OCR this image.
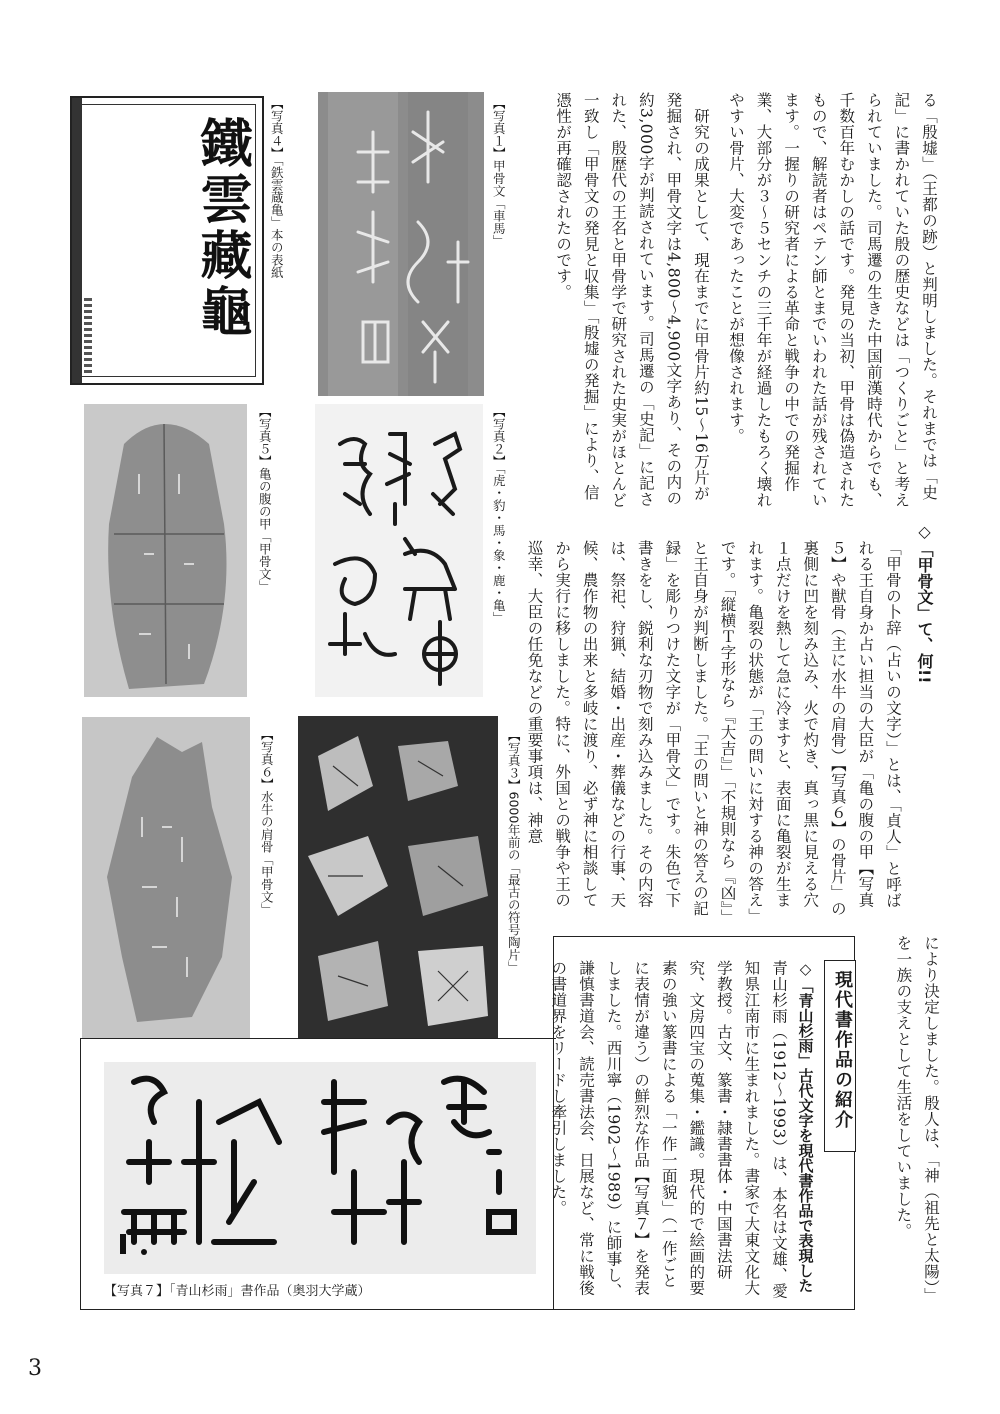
【写真１】甲骨文「車馬」
鐵雲藏龜 【写真４】「鉄雲蔵亀」本の表紙
【写真５】亀の腹の甲「甲骨文」	【写真２】「虎・豹・馬・象・鹿・亀」
【写真６】水牛の肩骨「甲骨文」	【写真３】6000年前の「最古の符号陶片」
る「殷墟」（王都の跡）と判明しました。それまでは「史記」に書かれていた殷の歴史などは「つくりごと」と考えられていました。司馬遷の生きた中国前漢時代からでも、千数百年むかしの話です。発見の当初、甲骨は偽造されたもので、解読者はペテン師とまでいわれた話が残されています。一握りの研究者による革命と戦争の中での発掘作業、大部分が３～５センチの三千年が経過したもろく壊れやすい骨片、大変であったことが想像されます。
研究の成果として、現在までに甲骨片約15～16万片が発掘され、甲骨文字は4,800～4,900文字あり、その内の約3,000字が判読されています。司馬遷の「史記」に記された、殷歴代の王名と甲骨学で研究された史実がほとんど一致し「甲骨文の発見と収集」「殷墟の発掘」により、信憑性が再確認されたのです。
◇「甲骨文」て、何!!
「甲骨の卜辞（占いの文字）」とは、「貞人」と呼ばれる王自身か占い担当の大臣が「亀の腹の甲【写真５】や獣骨（主に水牛の肩骨）【写真６】の骨片」の裏側に凹を刻み込み、火で灼き、真っ黒に見える穴１点だけを熱して急に冷ますと、表面に亀裂が生まれます。亀裂の状態が「王の問いに対する神の答え」です。「縦横Ｔ字形なら『大吉』」「不規則なら『凶』」と王自身が判断しました。「王の問いと神の答えの記録」を彫りつけた文字が「甲骨文」です。朱色で下書きをし、鋭利な刃物で刻み込みました。その内容は、祭祀、狩猟、結婚・出産・葬儀などの行事、天候、農作物の出来と多岐に渡り、必ず神に相談してから実行に移しました。特に、外国との戦争や王の巡幸、大臣の任免などの重要事項は、神意
により決定しました。殷人は、「神（祖先と太陽）」を一族の支えとして生活をしていました。
現代書作品の紹介
◇「青山杉雨」古代文字を現代書作品で表現した
青山杉雨（1912～1993）は、本名は文雄、愛知県江南市に生まれました。書家で大東文化大学教授。古文、篆書・隷書書体・中国書法研究、文房四宝の蒐集・鑑識。現代的で絵画的要素の強い篆書による「一作一面貌」（一作ごとに表情が違う）の鮮烈な作品【写真７】を発表しました。西川寧（1902～1989）に師事し、謙慎書道会、読売書法会、日展など、常に戦後の書道界をリードし牽引しました。
【写真７】「青山杉雨」書作品（奥羽大学蔵）
3
